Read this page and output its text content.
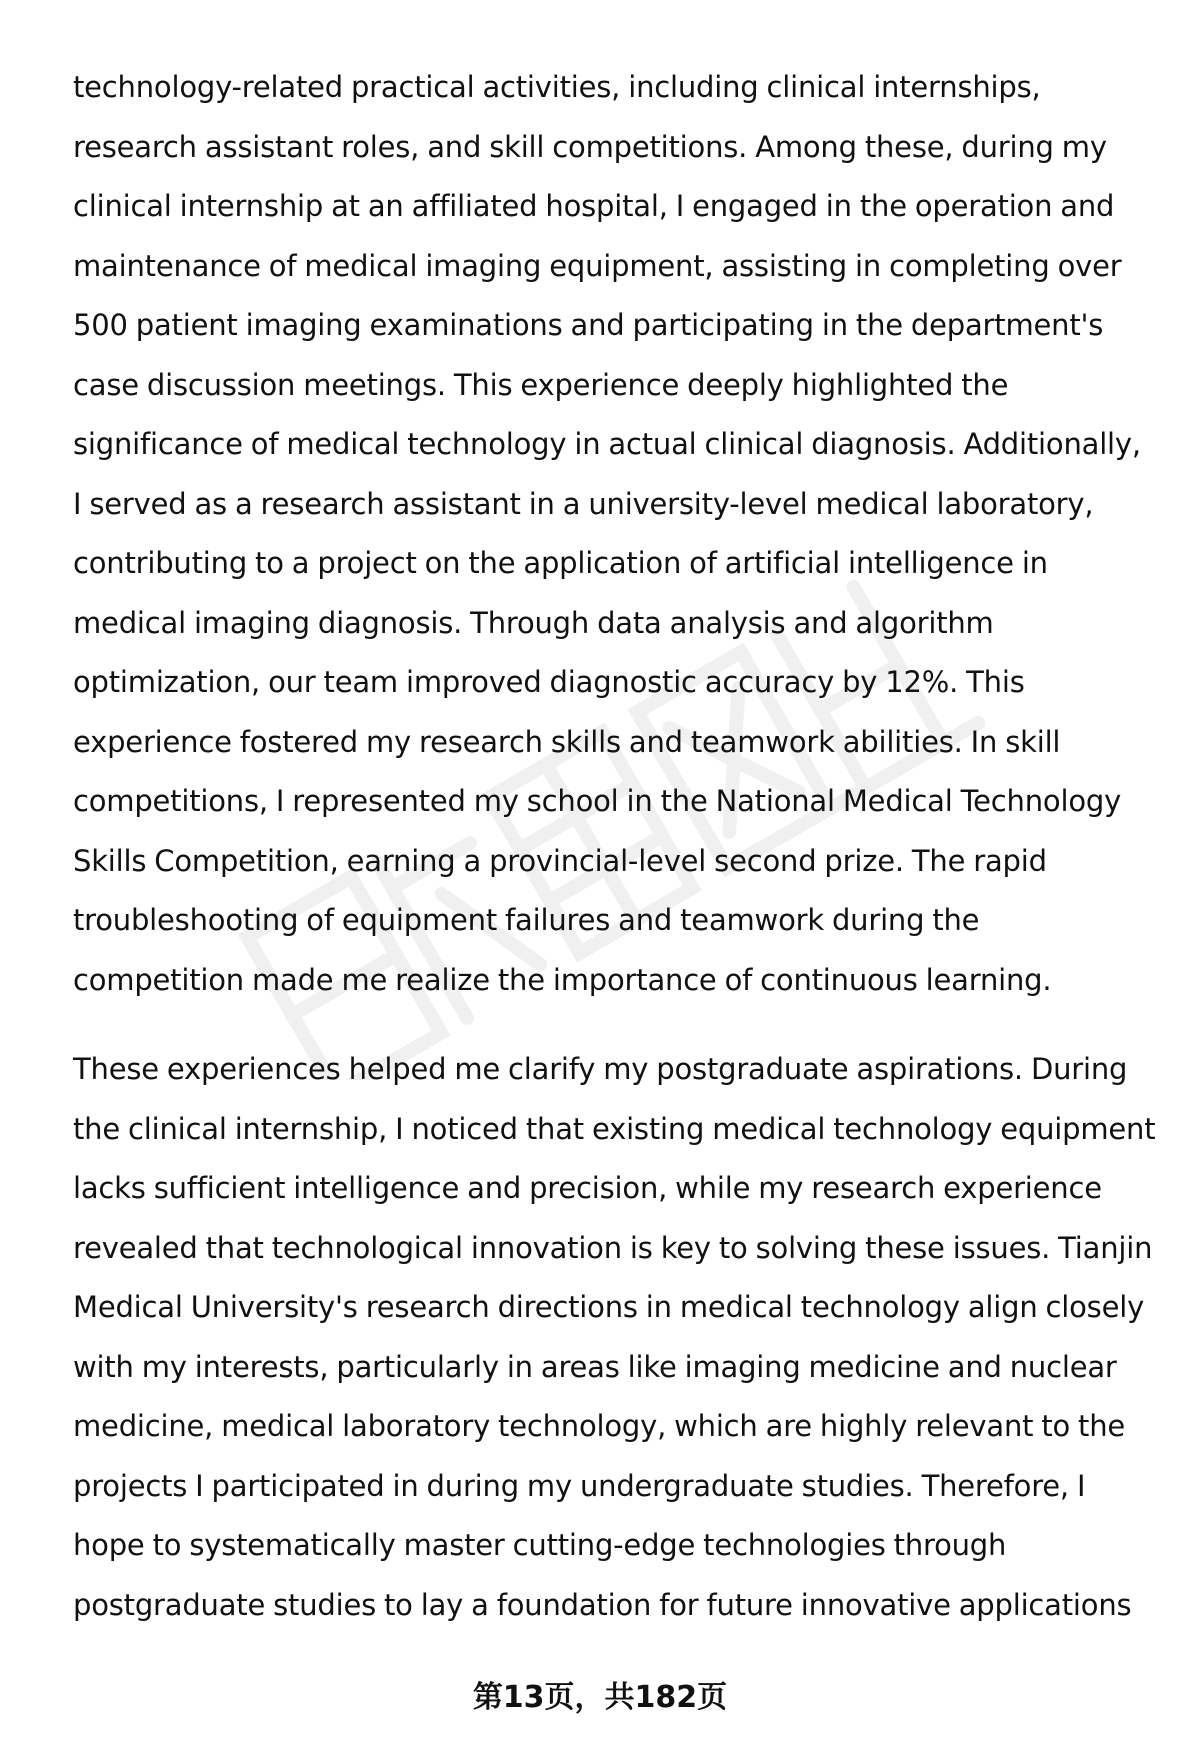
technology-related practical activities, including clinical internships,
research assistant roles, and skill competitions. Among these, during my
clinical internship at an affiliated hospital, I engaged in the operation and
maintenance of medical imaging equipment, assisting in completing over
500 patient imaging examinations and participating in the department's
case discussion meetings. This experience deeply highlighted the
significance of medical technology in actual clinical diagnosis. Additionally,
I served as a research assistant in a university-level medical laboratory,
contributing to a project on the application of artificial intelligence in
medical imaging diagnosis. Through data analysis and algorithm
optimization, our team improved diagnostic accuracy by 12%. This
experience fostered my research skills and teamwork abilities. In skill
competitions, I represented my school in the National Medical Technology
Skills Competition, earning a provincial-level second prize. The rapid
troubleshooting of equipment failures and teamwork during the
competition made me realize the importance of continuous learning.
These experiences helped me clarify my postgraduate aspirations. During
the clinical internship, I noticed that existing medical technology equipment
lacks sufficient intelligence and precision, while my research experience
revealed that technological innovation is key to solving these issues. Tianjin
Medical University's research directions in medical technology align closely
with my interests, particularly in areas like imaging medicine and nuclear
medicine, medical laboratory technology, which are highly relevant to the
projects I participated in during my undergraduate studies. Therefore, I
hope to systematically master cutting-edge technologies through
postgraduate studies to lay a foundation for future innovative applications
第13页，共182页
